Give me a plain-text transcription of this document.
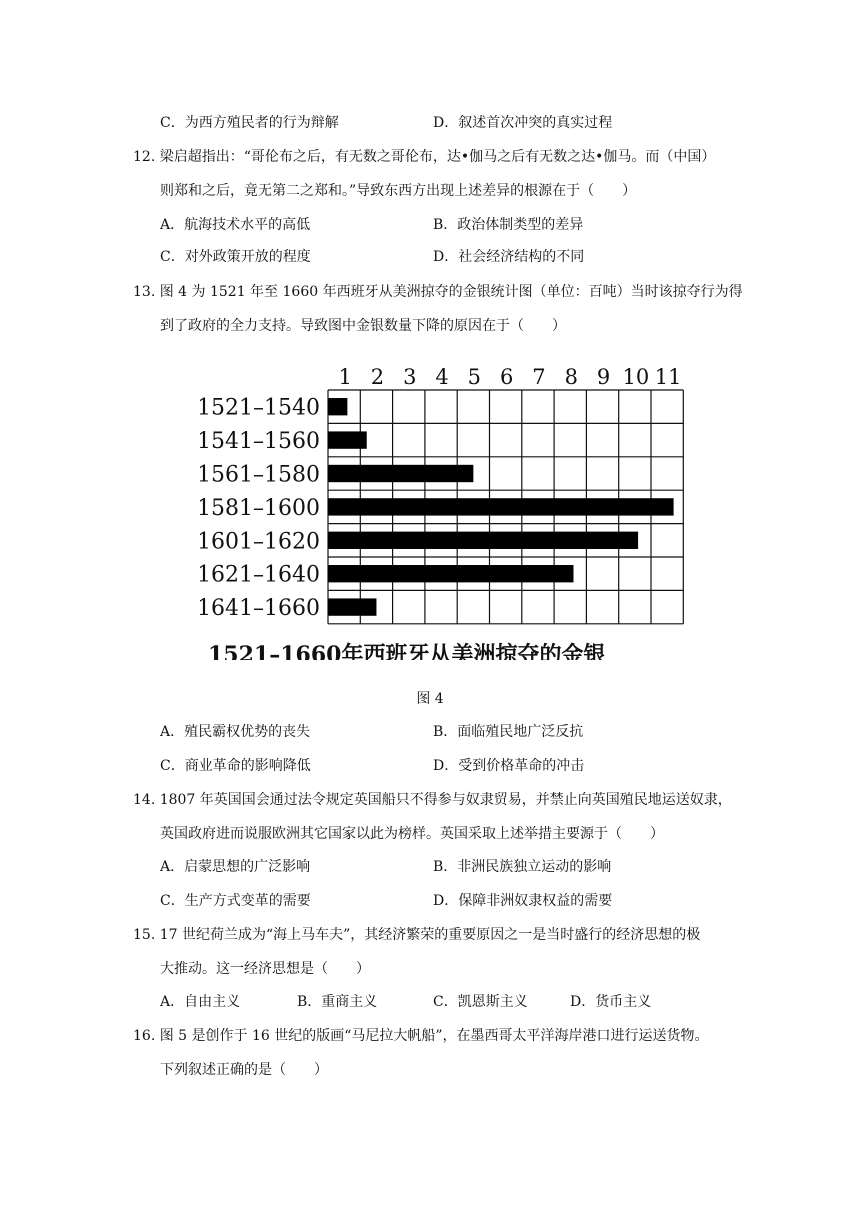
C．为西方殖民者的行为辩解	D．叙述首次冲突的真实过程
12. 梁启超指出：“哥伦布之后，有无数之哥伦布，达•伽马之后有无数之达•伽马。而（中国）
则郑和之后，竟无第二之郑和。”导致东西方出现上述差异的根源在于（　　）
A．航海技术水平的高低	B．政治体制类型的差异
C．对外政策开放的程度	D．社会经济结构的不同
13. 图 4 为 1521 年至 1660 年西班牙从美洲掠夺的金银统计图（单位：百吨）当时该掠夺行为得
到了政府的全力支持。导致图中金银数量下降的原因在于（　　）
1 2 3 4 5 6 7 8 9 10 11
1521–1540
1541–1560
1561–1580
1581–1600
1601–1620
1621–1640
1641–1660
1521–1660年西班牙从美洲掠夺的金银
图 4
A．殖民霸权优势的丧失	B．面临殖民地广泛反抗
C．商业革命的影响降低	D．受到价格革命的冲击
14. 1807 年英国国会通过法令规定英国船只不得参与奴隶贸易，并禁止向英国殖民地运送奴隶，
英国政府进而说服欧洲其它国家以此为榜样。英国采取上述举措主要源于（　　）
A．启蒙思想的广泛影响	B．非洲民族独立运动的影响
C．生产方式变革的需要	D．保障非洲奴隶权益的需要
15. 17 世纪荷兰成为“海上马车夫”，其经济繁荣的重要原因之一是当时盛行的经济思想的极
大推动。这一经济思想是（　　）
A．自由主义	B．重商主义	C．凯恩斯主义	D．货币主义
16. 图 5 是创作于 16 世纪的版画“马尼拉大帆船”，在墨西哥太平洋海岸港口进行运送货物。
下列叙述正确的是（　　）
